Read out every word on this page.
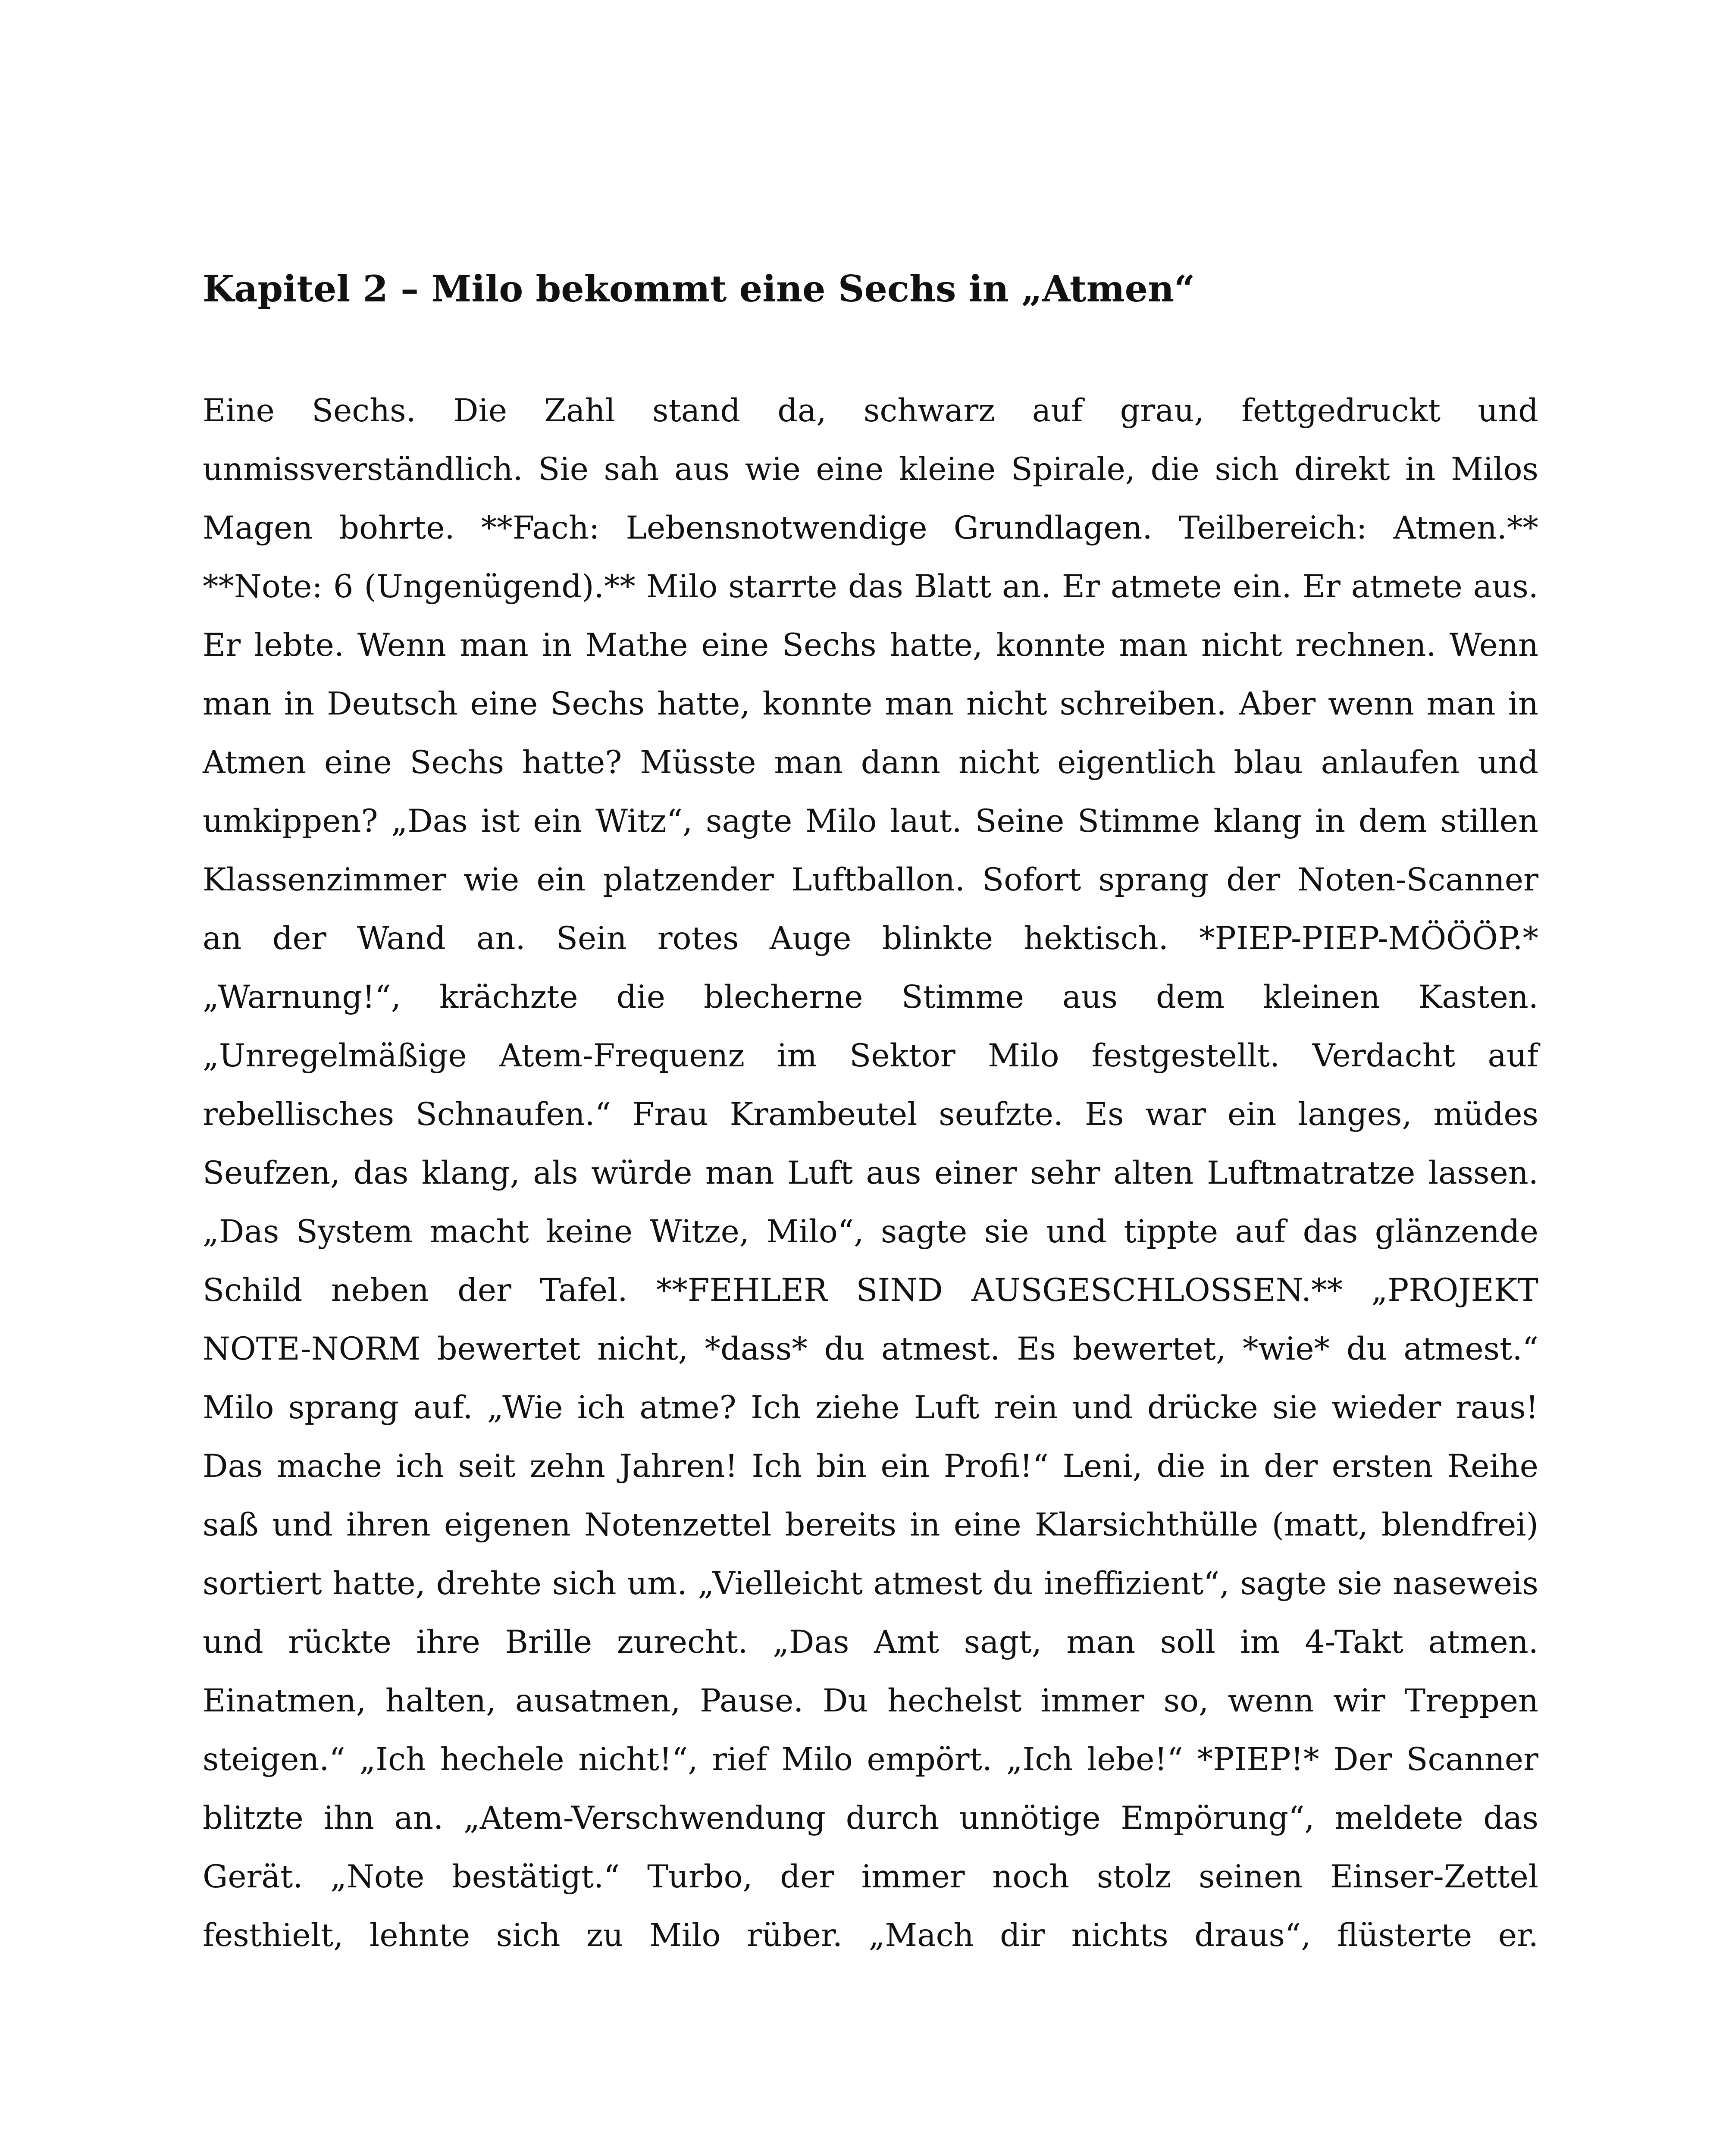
Kapitel 2 – Milo bekommt eine Sechs in „Atmen“
Eine Sechs. Die Zahl stand da, schwarz auf grau, fettgedruckt und
unmissverständlich. Sie sah aus wie eine kleine Spirale, die sich direkt in Milos
Magen bohrte. **Fach: Lebensnotwendige Grundlagen. Teilbereich: Atmen.**
**Note: 6 (Ungenügend).** Milo starrte das Blatt an. Er atmete ein. Er atmete aus.
Er lebte. Wenn man in Mathe eine Sechs hatte, konnte man nicht rechnen. Wenn
man in Deutsch eine Sechs hatte, konnte man nicht schreiben. Aber wenn man in
Atmen eine Sechs hatte? Müsste man dann nicht eigentlich blau anlaufen und
umkippen? „Das ist ein Witz“, sagte Milo laut. Seine Stimme klang in dem stillen
Klassenzimmer wie ein platzender Luftballon. Sofort sprang der Noten-Scanner
an der Wand an. Sein rotes Auge blinkte hektisch. *PIEP-PIEP-MÖÖÖP.*
„Warnung!“, krächzte die blecherne Stimme aus dem kleinen Kasten.
„Unregelmäßige Atem-Frequenz im Sektor Milo festgestellt. Verdacht auf
rebellisches Schnaufen.“ Frau Krambeutel seufzte. Es war ein langes, müdes
Seufzen, das klang, als würde man Luft aus einer sehr alten Luftmatratze lassen.
„Das System macht keine Witze, Milo“, sagte sie und tippte auf das glänzende
Schild neben der Tafel. **FEHLER SIND AUSGESCHLOSSEN.** „PROJEKT
NOTE-NORM bewertet nicht, *dass* du atmest. Es bewertet, *wie* du atmest.“
Milo sprang auf. „Wie ich atme? Ich ziehe Luft rein und drücke sie wieder raus!
Das mache ich seit zehn Jahren! Ich bin ein Profi!“ Leni, die in der ersten Reihe
saß und ihren eigenen Notenzettel bereits in eine Klarsichthülle (matt, blendfrei)
sortiert hatte, drehte sich um. „Vielleicht atmest du ineffizient“, sagte sie naseweis
und rückte ihre Brille zurecht. „Das Amt sagt, man soll im 4-Takt atmen.
Einatmen, halten, ausatmen, Pause. Du hechelst immer so, wenn wir Treppen
steigen.“ „Ich hechele nicht!“, rief Milo empört. „Ich lebe!“ *PIEP!* Der Scanner
blitzte ihn an. „Atem-Verschwendung durch unnötige Empörung“, meldete das
Gerät. „Note bestätigt.“ Turbo, der immer noch stolz seinen Einser-Zettel
festhielt, lehnte sich zu Milo rüber. „Mach dir nichts draus“, flüsterte er.
